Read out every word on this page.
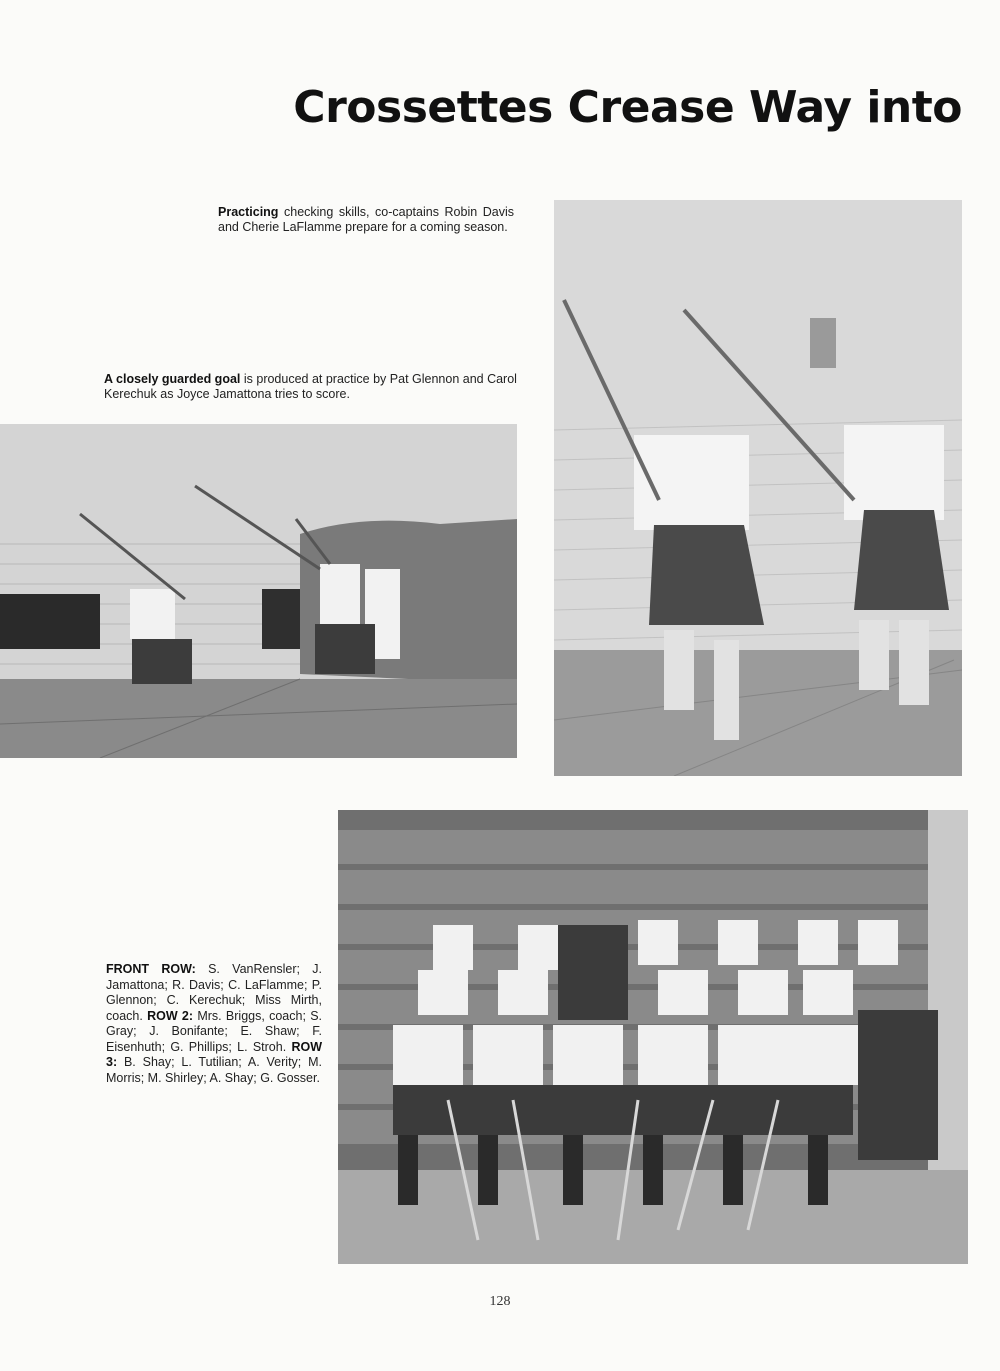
Crossettes Crease Way into
Practicing checking skills, co-captains Robin Davis and Cherie LaFlamme prepare for a coming season.
A closely guarded goal is produced at practice by Pat Glennon and Carol Kerechuk as Joyce Jamattona tries to score.
FRONT ROW: S. VanRensler; J. Jamattona; R. Davis; C. LaFlamme; P. Glennon; C. Kerechuk; Miss Mirth, coach. ROW 2: Mrs. Briggs, coach; S. Gray; J. Bonifante; E. Shaw; F. Eisenhuth; G. Phillips; L. Stroh. ROW 3: B. Shay; L. Tutilian; A. Verity; M. Morris; M. Shirley; A. Shay; G. Gosser.
128
